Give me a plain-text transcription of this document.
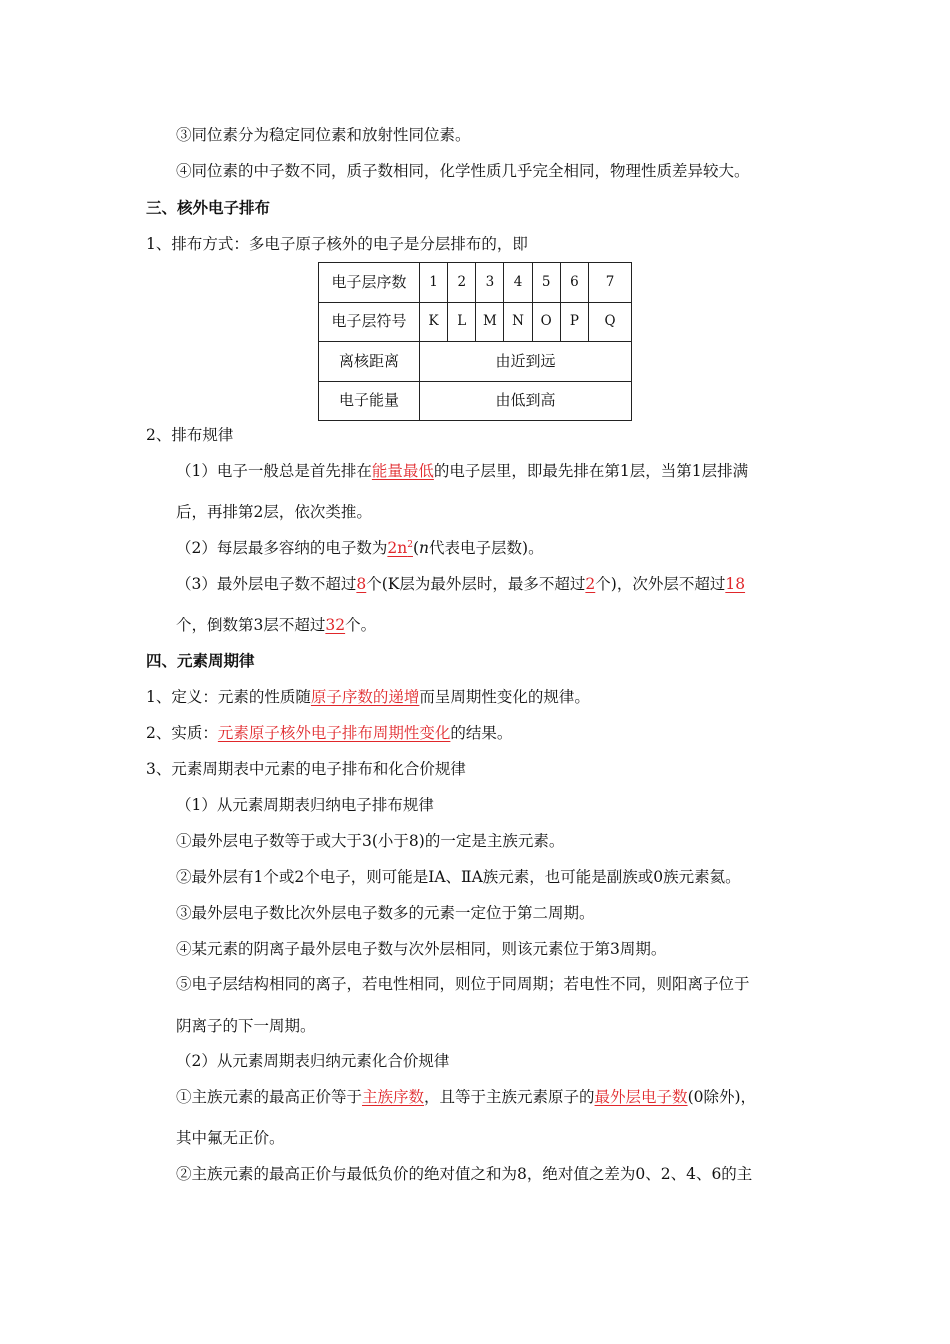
③同位素分为稳定同位素和放射性同位素。
④同位素的中子数不同，质子数相同，化学性质几乎完全相同，物理性质差异较大。
三、核外电子排布
1、排布方式：多电子原子核外的电子是分层排布的，即
电子层序数	1	2	3	4	5	6	7
电子层符号	K	L	M	N	O	P	Q
离核距离	由近到远						
电子能量	由低到高						
2、排布规律
（1）电子一般总是首先排在能量最低的电子层里，即最先排在第1层，当第1层排满
后，再排第2层，依次类推。
（2）每层最多容纳的电子数为$2n^2(n$代表电子层数)。
（3）最外层电子数不超过8个(K层为最外层时，最多不超过2个)，次外层不超过18
个，倒数第3层不超过32个。
四、元素周期律
1、定义：元素的性质随原子序数的递增而呈周期性变化的规律。
2、实质：元素原子核外电子排布周期性变化的结果。
3、元素周期表中元素的电子排布和化合价规律
（1）从元素周期表归纳电子排布规律
①最外层电子数等于或大于3(小于8)的一定是主族元素。
②最外层有1个或2个电子，则可能是ⅠA、ⅡA族元素，也可能是副族或0族元素氦。
③最外层电子数比次外层电子数多的元素一定位于第二周期。
④某元素的阴离子最外层电子数与次外层相同，则该元素位于第3周期。
⑤电子层结构相同的离子，若电性相同，则位于同周期；若电性不同，则阳离子位于
阴离子的下一周期。
（2）从元素周期表归纳元素化合价规律
①主族元素的最高正价等于主族序数，且等于主族元素原子的最外层电子数(0除外)，
其中氟无正价。
②主族元素的最高正价与最低负价的绝对值之和为8，绝对值之差为0、2、4、6的主
